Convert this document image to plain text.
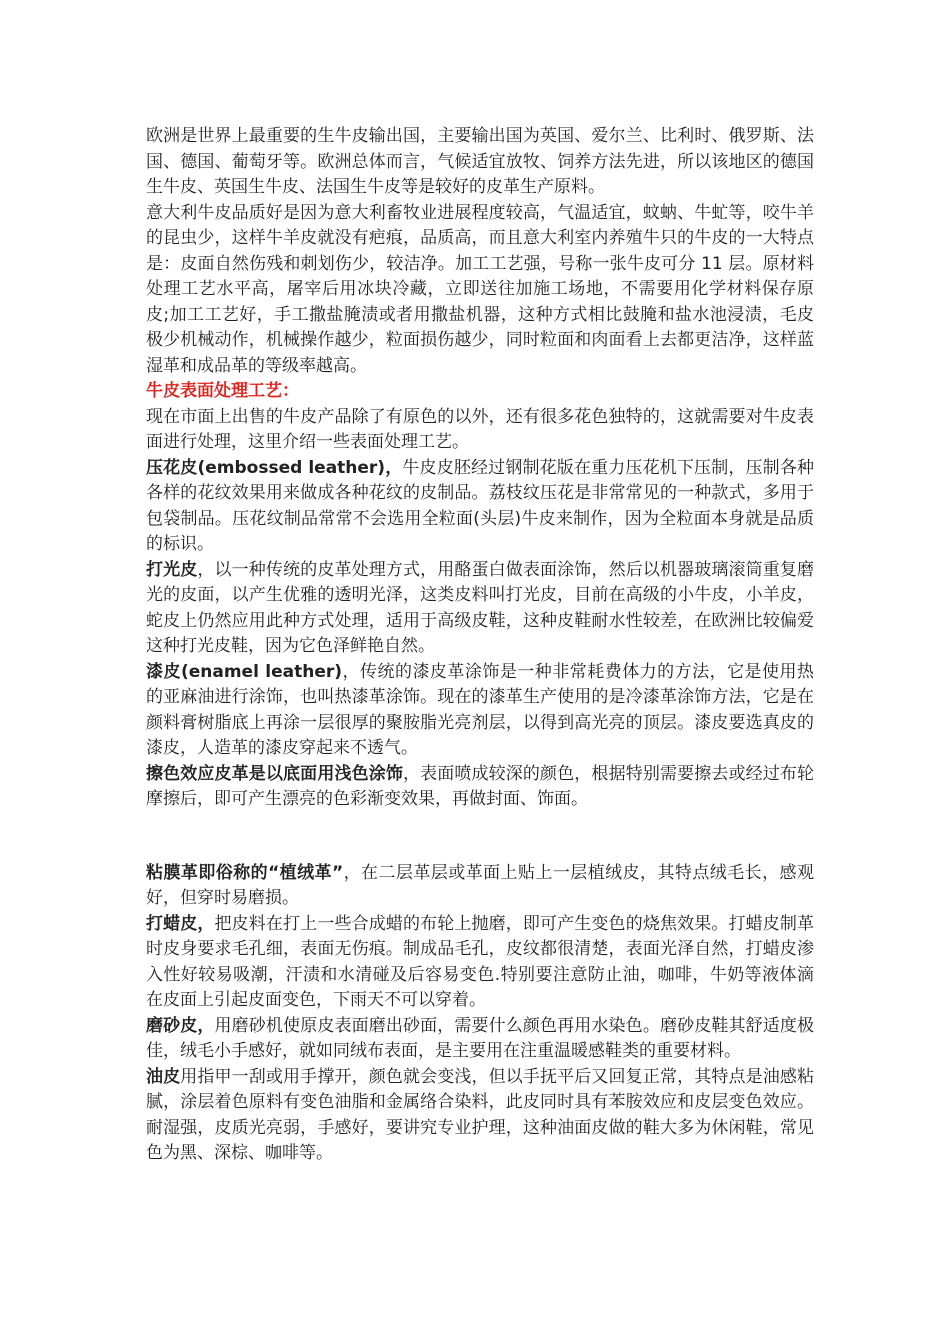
欧洲是世界上最重要的生牛皮输出国，主要输出国为英国、爱尔兰、比利时、俄罗斯、法国、德国、葡萄牙等。欧洲总体而言，气候适宜放牧、饲养方法先进，所以该地区的德国生牛皮、英国生牛皮、法国生牛皮等是较好的皮革生产原料。

意大利牛皮品质好是因为意大利畜牧业进展程度较高，气温适宜，蚊蚋、牛虻等，咬牛羊的昆虫少，这样牛羊皮就没有疤痕，品质高，而且意大利室内养殖牛只的牛皮的一大特点是：皮面自然伤残和刺划伤少，较洁净。加工工艺强，号称一张牛皮可分 11 层。原材料处理工艺水平高，屠宰后用冰块冷藏，立即送往加施工场地，不需要用化学材料保存原皮;加工工艺好，手工撒盐腌渍或者用撒盐机器，这种方式相比鼓腌和盐水池浸渍，毛皮极少机械动作，机械操作越少，粒面损伤越少，同时粒面和肉面看上去都更洁净，这样蓝湿革和成品革的等级率越高。

牛皮表面处理工艺：

现在市面上出售的牛皮产品除了有原色的以外，还有很多花色独特的，这就需要对牛皮表面进行处理，这里介绍一些表面处理工艺。

压花皮(embossed leather)，牛皮皮胚经过钢制花版在重力压花机下压制，压制各种各样的花纹效果用来做成各种花纹的皮制品。荔枝纹压花是非常常见的一种款式，多用于包袋制品。压花纹制品常常不会选用全粒面(头层)牛皮来制作，因为全粒面本身就是品质的标识。

打光皮，以一种传统的皮革处理方式，用酪蛋白做表面涂饰，然后以机器玻璃滚筒重复磨光的皮面，以产生优雅的透明光泽，这类皮料叫打光皮，目前在高级的小牛皮，小羊皮，蛇皮上仍然应用此种方式处理，适用于高级皮鞋，这种皮鞋耐水性较差，在欧洲比较偏爱这种打光皮鞋，因为它色泽鲜艳自然。

漆皮(enamel leather)，传统的漆皮革涂饰是一种非常耗费体力的方法，它是使用热的亚麻油进行涂饰，也叫热漆革涂饰。现在的漆革生产使用的是冷漆革涂饰方法，它是在颜料膏树脂底上再涂一层很厚的聚胺脂光亮剂层，以得到高光亮的顶层。漆皮要选真皮的漆皮，人造革的漆皮穿起来不透气。

擦色效应皮革是以底面用浅色涂饰，表面喷成较深的颜色，根据特别需要擦去或经过布轮摩擦后，即可产生漂亮的色彩渐变效果，再做封面、饰面。

粘膜革即俗称的“植绒革”，在二层革层或革面上贴上一层植绒皮，其特点绒毛长，感观好，但穿时易磨损。

打蜡皮，把皮料在打上一些合成蜡的布轮上抛磨，即可产生变色的烧焦效果。打蜡皮制革时皮身要求毛孔细，表面无伤痕。制成品毛孔，皮纹都很清楚，表面光泽自然，打蜡皮渗入性好较易吸潮，汗渍和水清碰及后容易变色.特别要注意防止油，咖啡，牛奶等液体滴在皮面上引起皮面变色，下雨天不可以穿着。

磨砂皮，用磨砂机使原皮表面磨出砂面，需要什么颜色再用水染色。磨砂皮鞋其舒适度极佳，绒毛小手感好，就如同绒布表面，是主要用在注重温暖感鞋类的重要材料。

油皮用指甲一刮或用手撑开，颜色就会变浅，但以手抚平后又回复正常，其特点是油感粘腻，涂层着色原料有变色油脂和金属络合染料，此皮同时具有苯胺效应和皮层变色效应。耐湿强，皮质光亮弱，手感好，要讲究专业护理，这种油面皮做的鞋大多为休闲鞋，常见色为黑、深棕、咖啡等。
